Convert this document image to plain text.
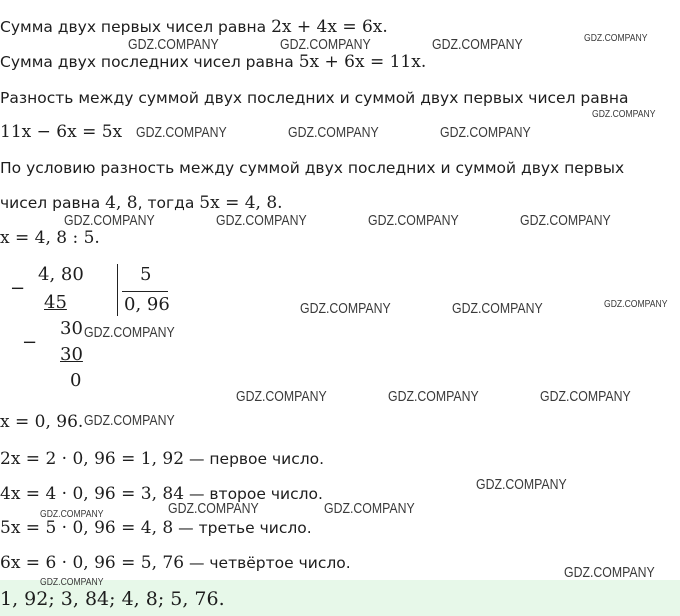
Сумма двух первых чисел равна 2x + 4x = 6x.
Сумма двух последних чисел равна 5x + 6x = 11x.
Разность между суммой двух последних и суммой двух первых чисел равна
11x − 6x = 5x
По условию разность между суммой двух последних и суммой двух первых
чисел равна 4, 8, тогда 5x = 4, 8.
x = 4, 8 : 5.
−
4, 80
45
5
0, 96
−
30
30
0
x = 0, 96.
2x = 2 · 0, 96 = 1, 92 — первое число.
4x = 4 · 0, 96 = 3, 84 — второе число.
5x = 5 · 0, 96 = 4, 8 — третье число.
6x = 6 · 0, 96 = 5, 76 — четвёртое число.
1, 92; 3, 84; 4, 8; 5, 76.
GDZ.COMPANY	GDZ.COMPANY	GDZ.COMPANY	GDZ.COMPANY
GDZ.COMPANY
GDZ.COMPANY	GDZ.COMPANY	GDZ.COMPANY
GDZ.COMPANY	GDZ.COMPANY	GDZ.COMPANY	GDZ.COMPANY
GDZ.COMPANY	GDZ.COMPANY	GDZ.COMPANY
GDZ.COMPANY
GDZ.COMPANY	GDZ.COMPANY	GDZ.COMPANY
GDZ.COMPANY
GDZ.COMPANY
GDZ.COMPANY	GDZ.COMPANY
GDZ.COMPANY
GDZ.COMPANY
GDZ.COMPANY
